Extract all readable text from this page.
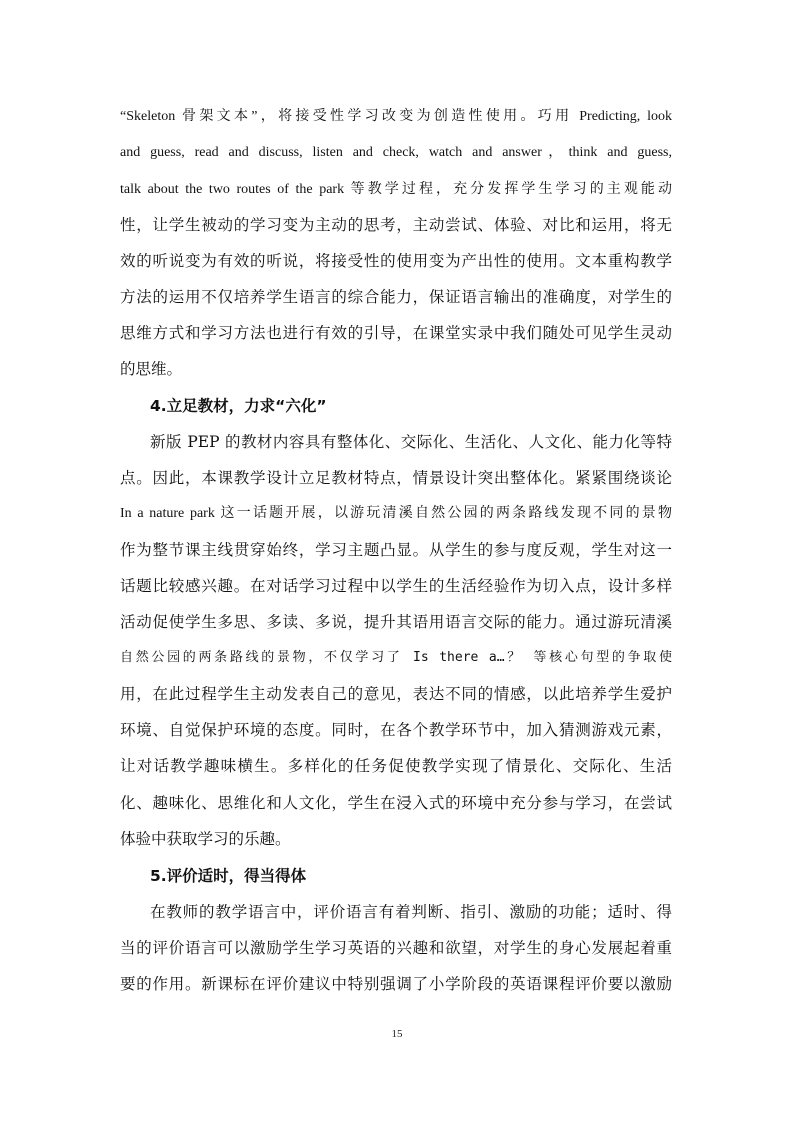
“Skeleton 骨架文本”，将接受性学习改变为创造性使用。巧用 Predicting, look
and guess, read and discuss, listen and check, watch and answer，think and guess,
talk about the two routes of the park 等教学过程，充分发挥学生学习的主观能动
性，让学生被动的学习变为主动的思考，主动尝试、体验、对比和运用，将无
效的听说变为有效的听说，将接受性的使用变为产出性的使用。文本重构教学
方法的运用不仅培养学生语言的综合能力，保证语言输出的准确度，对学生的
思维方式和学习方法也进行有效的引导，在课堂实录中我们随处可见学生灵动
的思维。
4.立足教材，力求“六化”
新版 PEP 的教材内容具有整体化、交际化、生活化、人文化、能力化等特
点。因此，本课教学设计立足教材特点，情景设计突出整体化。紧紧围绕谈论
In a nature park 这一话题开展，以游玩清溪自然公园的两条路线发现不同的景物
作为整节课主线贯穿始终，学习主题凸显。从学生的参与度反观，学生对这一
话题比较感兴趣。在对话学习过程中以学生的生活经验作为切入点，设计多样
活动促使学生多思、多读、多说，提升其语用语言交际的能力。通过游玩清溪
自然公园的两条路线的景物，不仅学习了 Is there a…？ 等核心句型的争取使
用，在此过程学生主动发表自己的意见，表达不同的情感，以此培养学生爱护
环境、自觉保护环境的态度。同时，在各个教学环节中，加入猜测游戏元素，
让对话教学趣味横生。多样化的任务促使教学实现了情景化、交际化、生活
化、趣味化、思维化和人文化，学生在浸入式的环境中充分参与学习，在尝试
体验中获取学习的乐趣。
5.评价适时，得当得体
在教师的教学语言中，评价语言有着判断、指引、激励的功能；适时、得
当的评价语言可以激励学生学习英语的兴趣和欲望，对学生的身心发展起着重
要的作用。新课标在评价建议中特别强调了小学阶段的英语课程评价要以激励
15
